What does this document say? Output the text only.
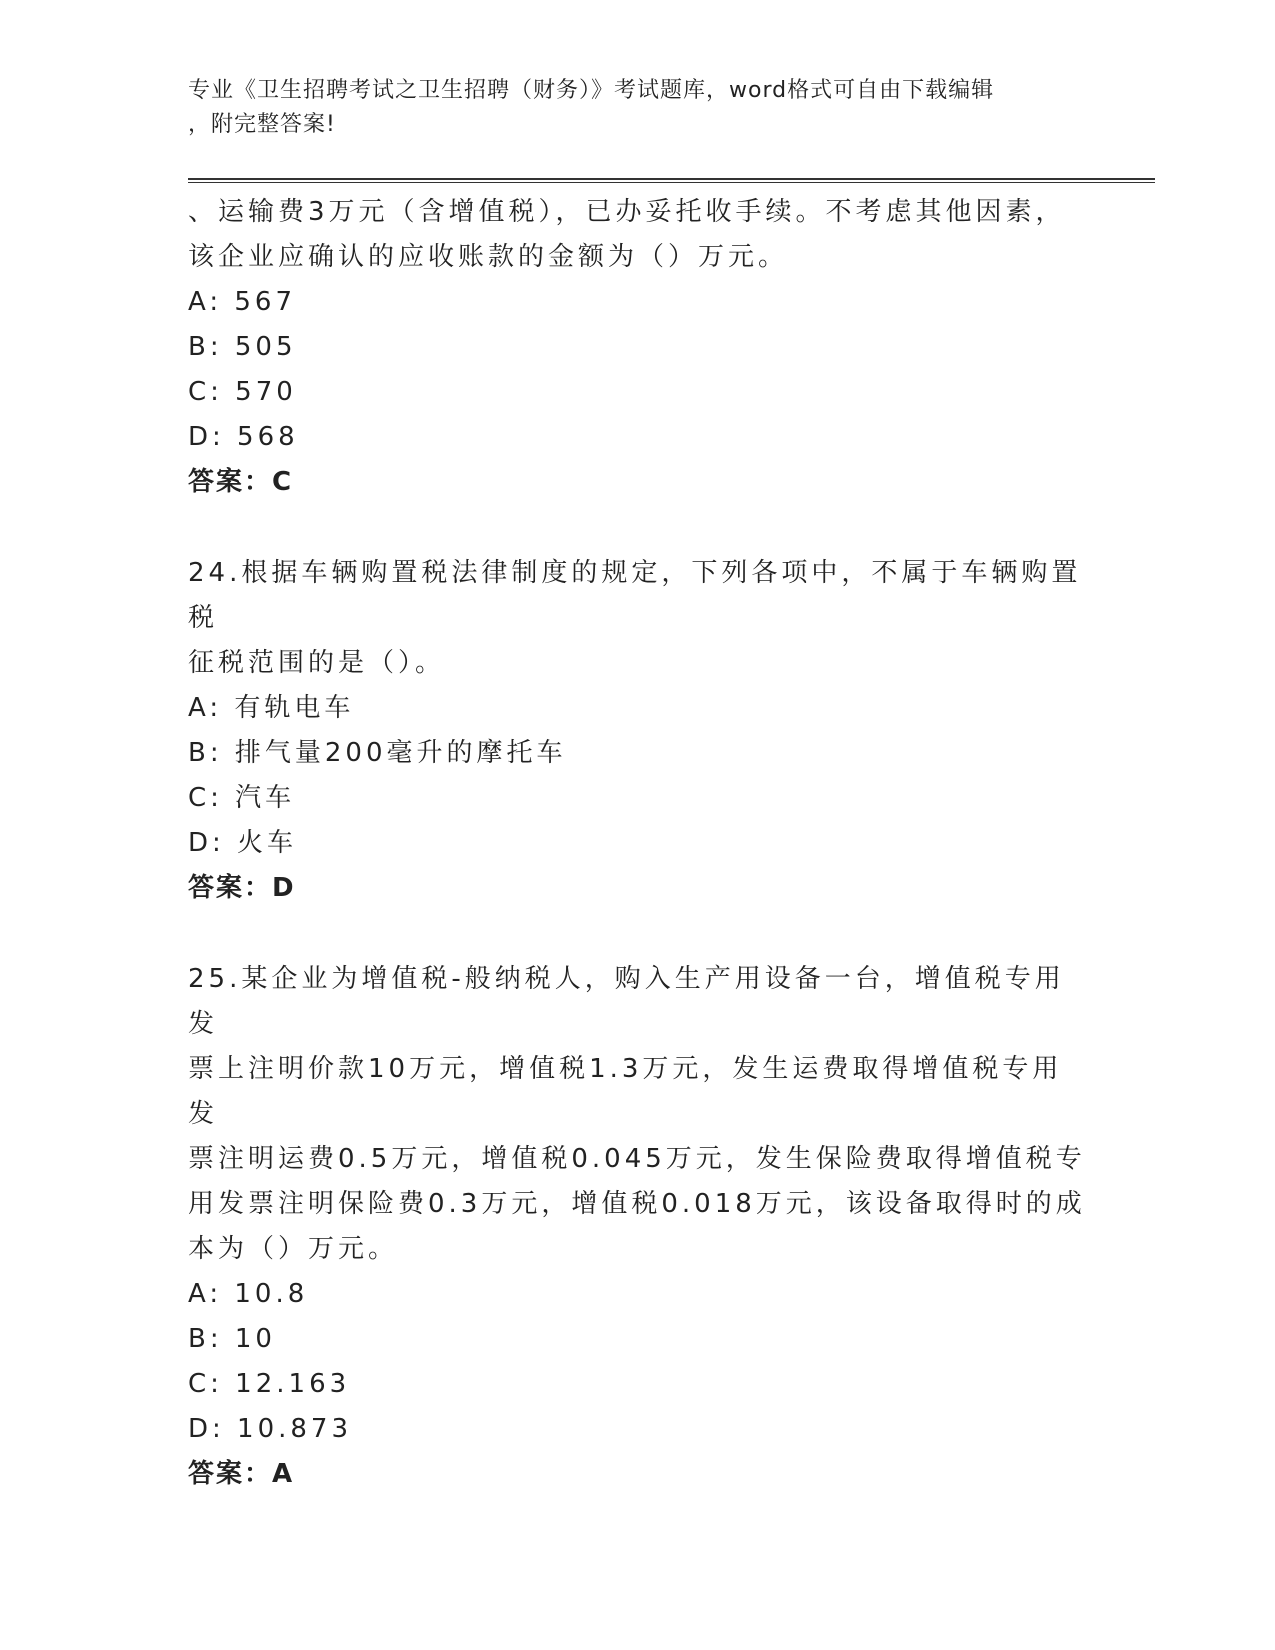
专业《卫生招聘考试之卫生招聘（财务）》考试题库，word格式可自由下载编辑
，附完整答案!

、运输费3万元（含增值税），已办妥托收手续。不考虑其他因素，

该企业应确认的应收账款的金额为（）万元。

A: 567

B: 505

C: 570

D: 568

答案：C

24.根据车辆购置税法律制度的规定，下列各项中，不属于车辆购置税

征税范围的是（）。

A: 有轨电车

B: 排气量200毫升的摩托车

C: 汽车

D: 火车

答案：D

25.某企业为增值税-般纳税人，购入生产用设备一台，增值税专用发

票上注明价款10万元，增值税1.3万元，发生运费取得增值税专用发

票注明运费0.5万元，增值税0.045万元，发生保险费取得增值税专

用发票注明保险费0.3万元，增值税0.018万元，该设备取得时的成

本为（）万元。

A: 10.8

B: 10

C: 12.163

D: 10.873

答案：A
